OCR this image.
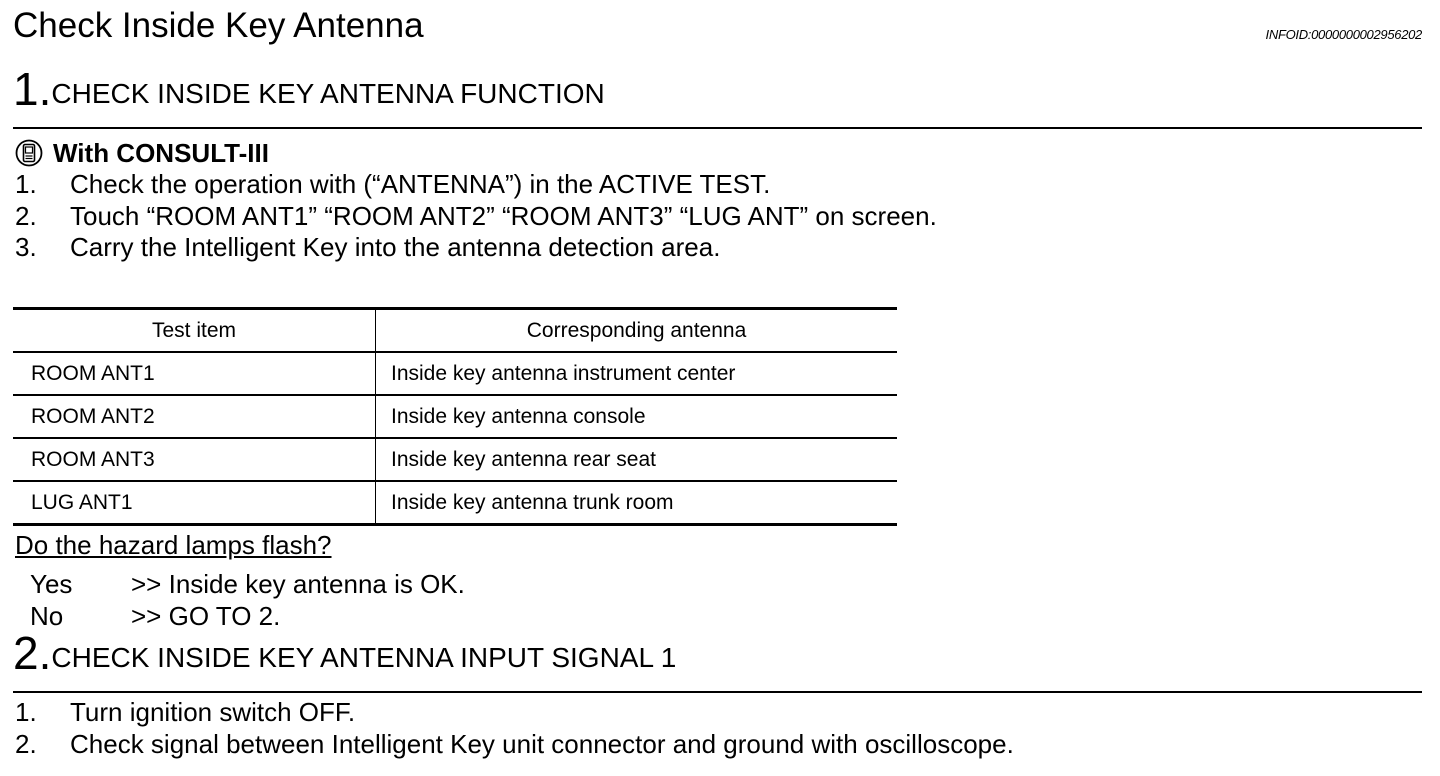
Check Inside Key Antenna	INFOID:0000000002956202
1.CHECK INSIDE KEY ANTENNA FUNCTION
With CONSULT-III
1.	Check the operation with (“ANTENNA”) in the ACTIVE TEST.
2.	Touch “ROOM ANT1” “ROOM ANT2” “ROOM ANT3” “LUG ANT” on screen.
3.	Carry the Intelligent Key into the antenna detection area.
Test item	Corresponding antenna
ROOM ANT1	Inside key antenna instrument center
ROOM ANT2	Inside key antenna console
ROOM ANT3	Inside key antenna rear seat
LUG ANT1	Inside key antenna trunk room
Do the hazard lamps flash?
Yes	>> Inside key antenna is OK.
No	>> GO TO 2.
2.CHECK INSIDE KEY ANTENNA INPUT SIGNAL 1
1.	Turn ignition switch OFF.
2.	Check signal between Intelligent Key unit connector and ground with oscilloscope.
